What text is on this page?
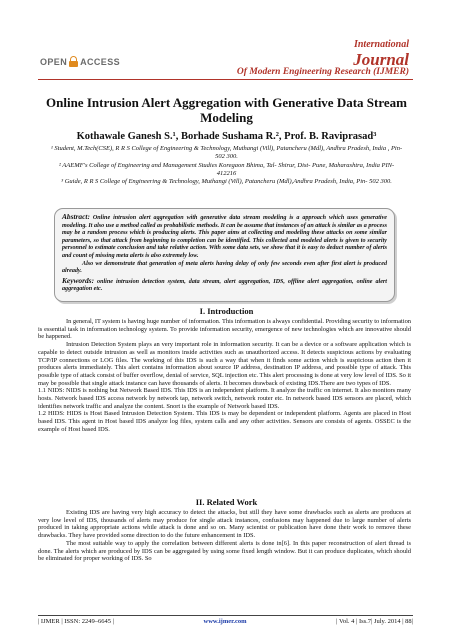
OPEN ACCESS
International
Journal
Of Modern Engineering Research (IJMER)
Online Intrusion Alert Aggregation with Generative Data Stream Modeling
Kothawale Ganesh S.¹, Borhade Sushama R.², Prof. B. Raviprasad³

¹ Student, M.Tech(CSE), R R S College of Engineering & Technology, Muthangi (Vill), Patancheru (Mdl), Andhra Pradesh, India , Pin- 502 300.

² AAEMF's College of Engineering and Management Studies Koregaon Bhima, Tal- Shirur, Dist- Pune, Maharashtra, India PIN- 412216

³ Guide, R R S College of Engineering & Technology, Muthangi (Vill), Patancheru (Mdl),Andhra Pradesh, India, Pin- 502 300.

Abstract: Online intrusion alert aggregation with generative data stream modeling is a approach which uses generative modeling. It also use a method called as probabilistic methods. It can be assume that instances of an attack is similar as a process may be a random process which is producing alerts. This paper aims at collecting and modeling these attacks on some similar parameters, so that attack from beginning to completion can be identified. This collected and modeled alerts is given to security personnel to estimate conclusion and take relative action. With some data sets, we show that it is easy to deduct number of alerts and count of missing meta alerts is also extremely low.

Also we demonstrate that generation of meta alerts having delay of only few seconds even after first alert is produced already.

Keywords: online intrusion detection system, data stream, alert aggregation, IDS, offline alert aggregation, online alert aggregation etc.

I. Introduction

In general, IT system is having huge number of information. This information is always confidential. Providing security to information is essential task in information technology system. To provide information security, emergence of new technologies which are innovative should be happened.

Intrusion Detection System plays an very important role in information security. It can be a device or a software application which is capable to detect outside intrusion as well as monitors inside activities such as unauthorized access. It detects suspicious actions by evaluating TCP/IP connections or LOG files. The working of this IDS is such a way that when it finds some action which is suspicious action then it produces alerts immediately. This alert contains information about source IP address, destination IP address, and possible type of attack. This possible type of attack consist of buffer overflow, denial of service, SQL injection etc. This alert processing is done at very low level of IDS. So it may be possible that single attack instance can have thousands of alerts. It becomes drawback of existing IDS.There are two types of IDS.

1.1 NIDS: NIDS is nothing but Network Based IDS. This IDS is an independent platform. It analyze the traffic on internet. It also monitors many hosts. Network based IDS access network by network tap, network switch, network router etc. In network based IDS sensors are placed, which identifies network traffic and analyze the content. Snort is the example of Network based IDS.

1.2 HIDS: HIDS is Host Based Intrusion Detection System. This IDS is may be dependent or independent platform. Agents are placed in Host based IDS. This agent in Host based IDS analyze log files, system calls and any other activities. Sensors are consists of agents. OSSEC is the example of Host based IDS.

II. Related Work

Existing IDS are having very high accuracy to detect the attacks, but still they have some drawbacks such as alerts are produces at very low level of IDS, thousands of alerts may produce for single attack instances, confusions may happened due to large number of alerts produced in taking appropriate actions while attack is done and so on. Many scientist or publication have done their work to remove these drawbacks. They have provided some direction to do the future enhancement in IDS.

The most suitable way to apply the correlation between different alerts is done in[6]. In this paper reconstruction of alert thread is done. The alerts which are produced by IDS can be aggregated by using some fixed length window. But it can produce duplicates, which should be eliminated for proper working of IDS. So

| IJMER | ISSN: 2249–6645 |	www.ijmer.com	| Vol. 4 | Iss.7| July. 2014 | 88|
